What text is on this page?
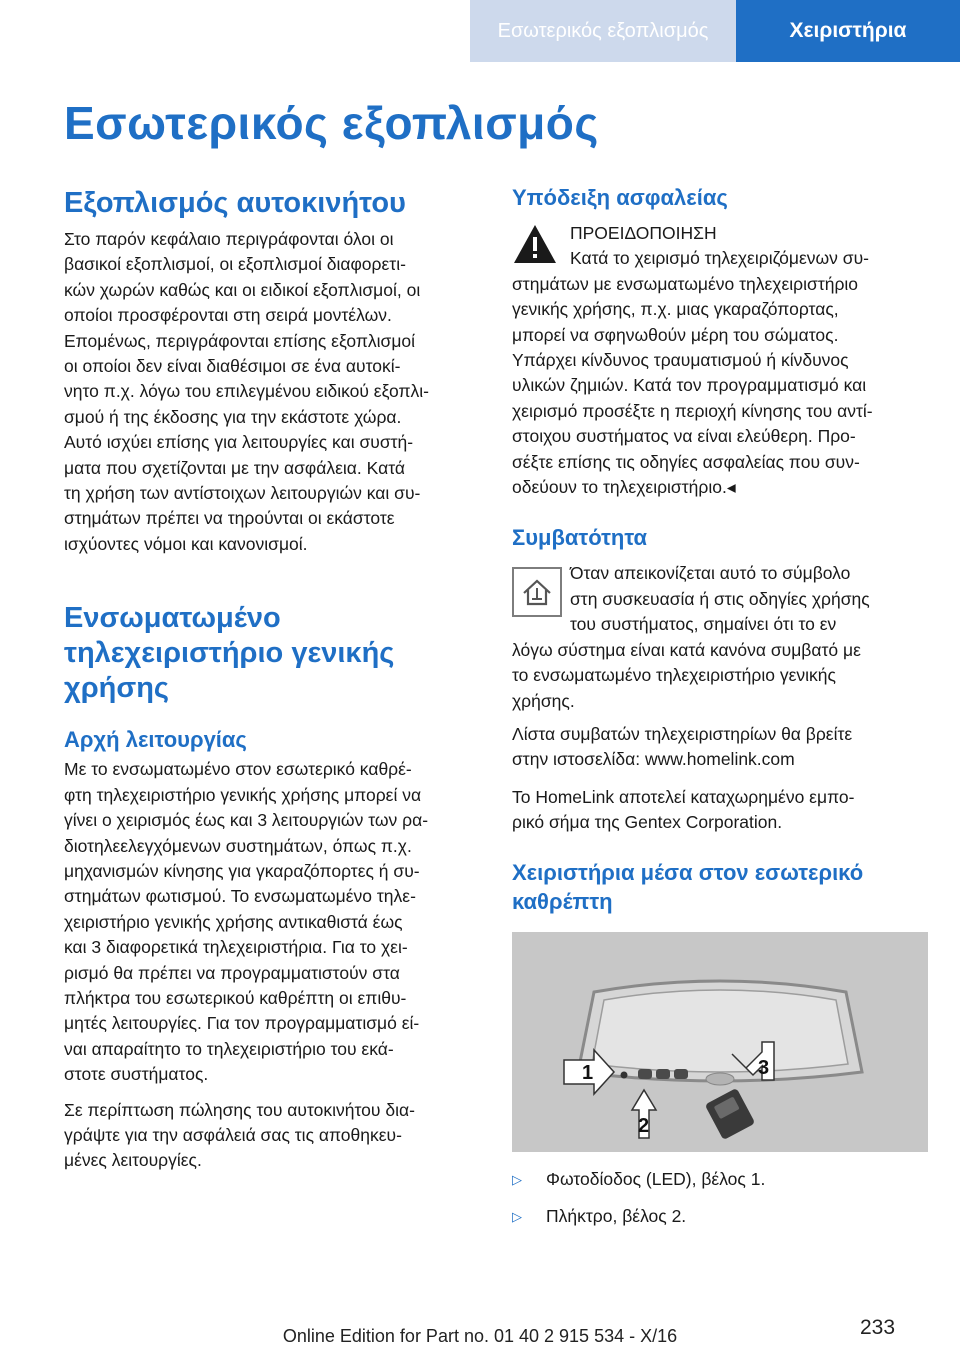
Εσωτερικός εξοπλισμός	Χειριστήρια
Εσωτερικός εξοπλισμός
Εξοπλισμός αυτοκινήτου
Στο παρόν κεφάλαιο περιγράφονται όλοι οι
βασικοί εξοπλισμοί, οι εξοπλισμοί διαφορετι‐
κών χωρών καθώς και οι ειδικοί εξοπλισμοί, οι
οποίοι προσφέρονται στη σειρά μοντέλων.
Επομένως, περιγράφονται επίσης εξοπλισμοί
οι οποίοι δεν είναι διαθέσιμοι σε ένα αυτοκί‐
νητο π.χ. λόγω του επιλεγμένου ειδικού εξοπλι‐
σμού ή της έκδοσης για την εκάστοτε χώρα.
Αυτό ισχύει επίσης για λειτουργίες και συστή‐
ματα που σχετίζονται με την ασφάλεια. Κατά
τη χρήση των αντίστοιχων λειτουργιών και συ‐
στημάτων πρέπει να τηρούνται οι εκάστοτε
ισχύοντες νόμοι και κανονισμοί.
Ενσωματωμένο
τηλεχειριστήριο γενικής
χρήσης
Αρχή λειτουργίας
Με το ενσωματωμένο στον εσωτερικό καθρέ‐
φτη τηλεχειριστήριο γενικής χρήσης μπορεί να
γίνει ο χειρισμός έως και 3 λειτουργιών των ρα‐
διοτηλεελεγχόμενων συστημάτων, όπως π.χ.
μηχανισμών κίνησης για γκαραζόπορτες ή συ‐
στημάτων φωτισμού. Το ενσωματωμένο τηλε‐
χειριστήριο γενικής χρήσης αντικαθιστά έως
και 3 διαφορετικά τηλεχειριστήρια. Για το χει‐
ρισμό θα πρέπει να προγραμματιστούν στα
πλήκτρα του εσωτερικού καθρέπτη οι επιθυ‐
μητές λειτουργίες. Για τον προγραμματισμό εί‐
ναι απαραίτητο το τηλεχειριστήριο του εκά‐
στοτε συστήματος.
Σε περίπτωση πώλησης του αυτοκινήτου δια‐
γράψτε για την ασφάλειά σας τις αποθηκευ‐
μένες λειτουργίες.
Υπόδειξη ασφαλείας
ΠΡΟΕΙΔΟΠΟΙΗΣΗ
Κατά το χειρισμό τηλεχειριζόμενων συ‐
στημάτων με ενσωματωμένο τηλεχειριστήριο
γενικής χρήσης, π.χ. μιας γκαραζόπορτας,
μπορεί να σφηνωθούν μέρη του σώματος.
Υπάρχει κίνδυνος τραυματισμού ή κίνδυνος
υλικών ζημιών. Κατά τον προγραμματισμό και
χειρισμό προσέξτε η περιοχή κίνησης του αντί‐
στοιχου συστήματος να είναι ελεύθερη. Προ‐
σέξτε επίσης τις οδηγίες ασφαλείας που συν‐
οδεύουν το τηλεχειριστήριο.◂
Συμβατότητα
Όταν απεικονίζεται αυτό το σύμβολο
στη συσκευασία ή στις οδηγίες χρήσης
του συστήματος, σημαίνει ότι το εν
λόγω σύστημα είναι κατά κανόνα συμβατό με
το ενσωματωμένο τηλεχειριστήριο γενικής
χρήσης.
Λίστα συμβατών τηλεχειριστηρίων θα βρείτε
στην ιστοσελίδα: www.homelink.com
Το HomeLink αποτελεί καταχωρημένο εμπο‐
ρικό σήμα της Gentex Corporation.
Χειριστήρια μέσα στον εσωτερικό
καθρέπτη
1
2
3
▷	Φωτοδίοδος (LED), βέλος 1.
▷	Πλήκτρο, βέλος 2.
233
Online Edition for Part no. 01 40 2 915 534 - X/16
